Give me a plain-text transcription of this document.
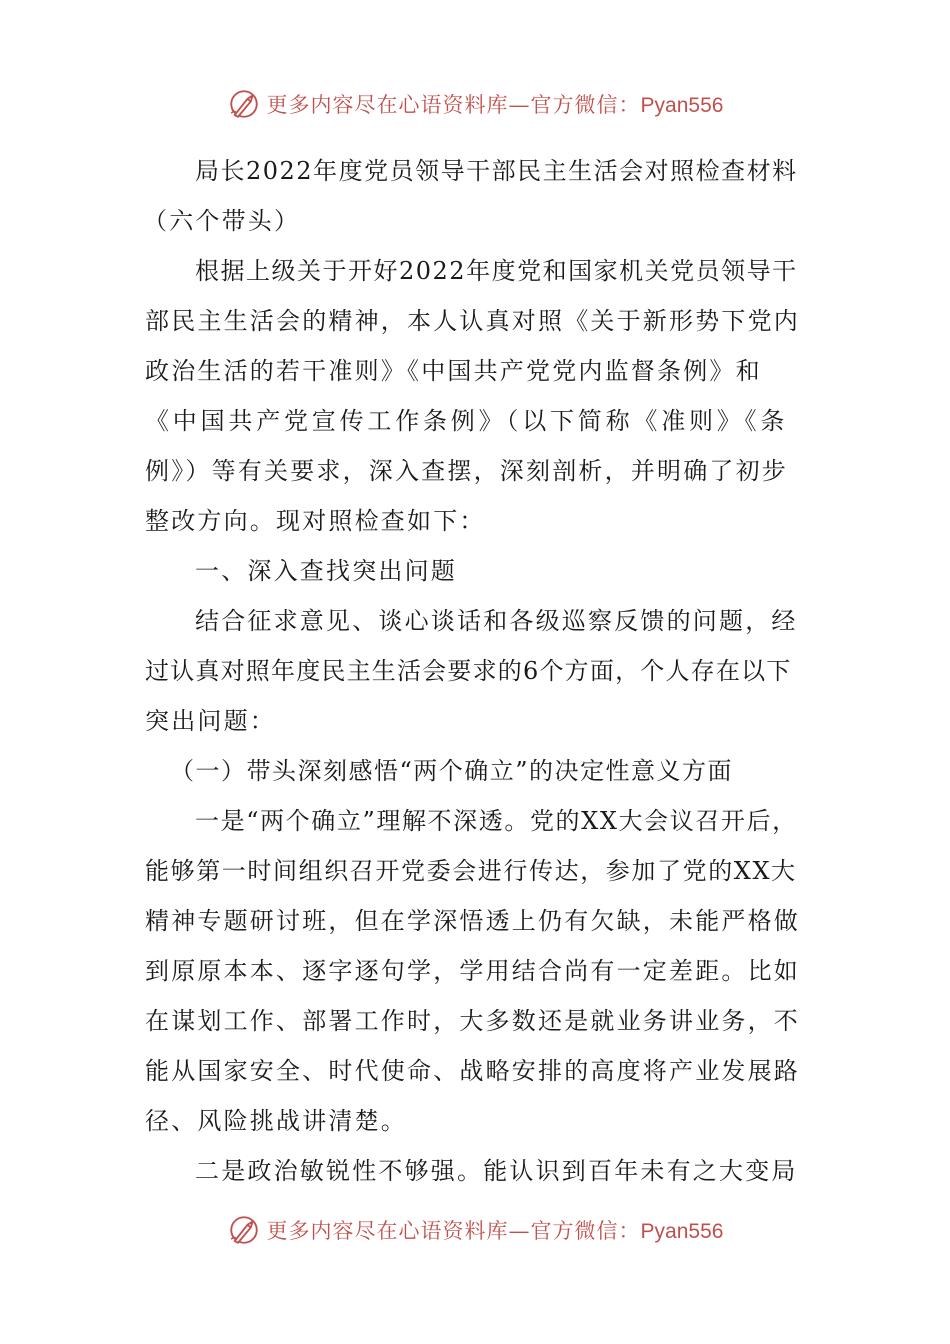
更多内容尽在心语资料库—官方微信：Pyan556

局长2022年度党员领导干部民主生活会对照检查材料

（六个带头）

根据上级关于开好2022年度党和国家机关党员领导干

部民主生活会的精神，本人认真对照《关于新形势下党内

政治生活的若干准则》《中国共产党党内监督条例》和

《中国共产党宣传工作条例》（以下简称《准则》《条

例》）等有关要求，深入查摆，深刻剖析，并明确了初步

整改方向。现对照检查如下：

一、深入查找突出问题

结合征求意见、谈心谈话和各级巡察反馈的问题，经

过认真对照年度民主生活会要求的6个方面，个人存在以下

突出问题：

（一）带头深刻感悟“两个确立”的决定性意义方面

一是“两个确立”理解不深透。党的XX大会议召开后，

能够第一时间组织召开党委会进行传达，参加了党的XX大

精神专题研讨班，但在学深悟透上仍有欠缺，未能严格做

到原原本本、逐字逐句学，学用结合尚有一定差距。比如

在谋划工作、部署工作时，大多数还是就业务讲业务，不

能从国家安全、时代使命、战略安排的高度将产业发展路

径、风险挑战讲清楚。

二是政治敏锐性不够强。能认识到百年未有之大变局

更多内容尽在心语资料库—官方微信：Pyan556
